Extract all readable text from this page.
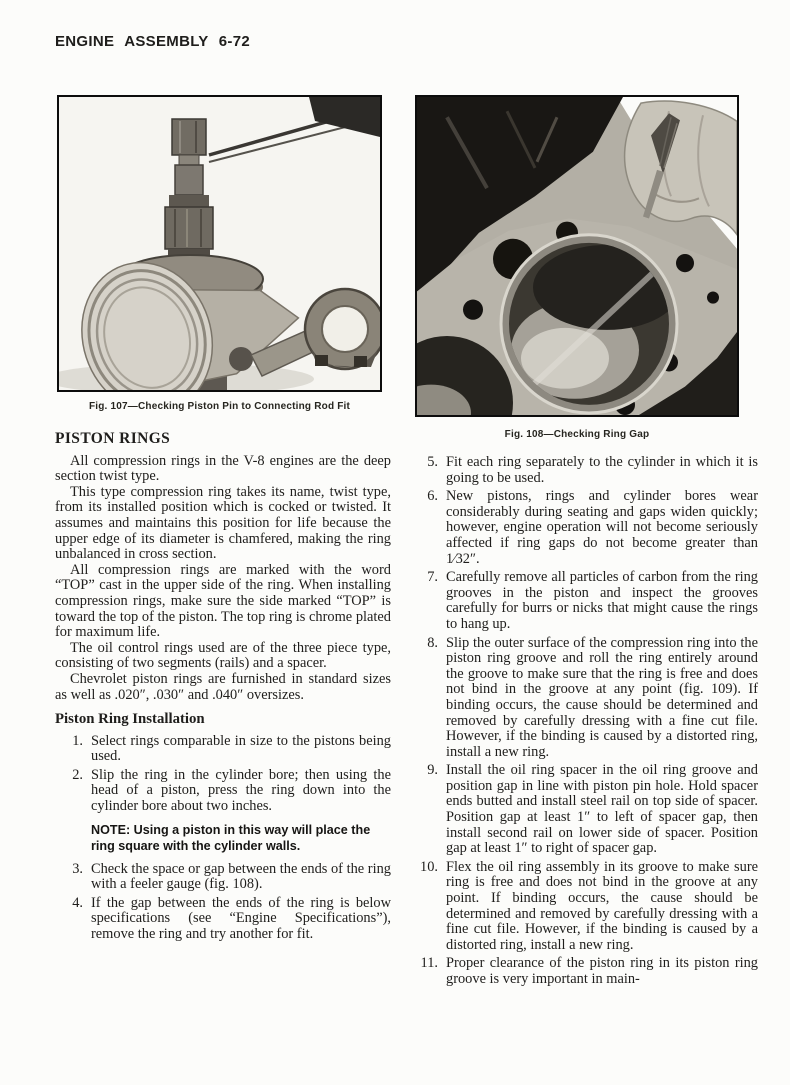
ENGINE ASSEMBLY 6-72
Fig. 107—Checking Piston Pin to Connecting Rod Fit
Fig. 108—Checking Ring Gap
PISTON RINGS

All compression rings in the V-8 engines are the deep section twist type.

This type compression ring takes its name, twist type, from its installed position which is cocked or twisted. It assumes and maintains this position for life because the upper edge of its diameter is chamfered, making the ring unbalanced in cross section.

All compression rings are marked with the word “TOP” cast in the upper side of the ring. When installing compression rings, make sure the side marked “TOP” is toward the top of the piston. The top ring is chrome plated for maximum life.

The oil control rings used are of the three piece type, consisting of two segments (rails) and a spacer.

Chevrolet piston rings are furnished in standard sizes as well as .020″, .030″ and .040″ oversizes.

Piston Ring Installation
1. Select rings comparable in size to the pistons being used.
2. Slip the ring in the cylinder bore; then using the head of a piston, press the ring down into the cylinder bore about two inches.
NOTE: Using a piston in this way will place the ring square with the cylinder walls.
3. Check the space or gap between the ends of the ring with a feeler gauge (fig. 108).
4. If the gap between the ends of the ring is below specifications (see “Engine Specifications”), remove the ring and try another for fit.
5. Fit each ring separately to the cylinder in which it is going to be used.
6. New pistons, rings and cylinder bores wear considerably during seating and gaps widen quickly; however, engine operation will not become seriously affected if ring gaps do not become greater than 1⁄32″.
7. Carefully remove all particles of carbon from the ring grooves in the piston and inspect the grooves carefully for burrs or nicks that might cause the rings to hang up.
8. Slip the outer surface of the compression ring into the piston ring groove and roll the ring entirely around the groove to make sure that the ring is free and does not bind in the groove at any point (fig. 109). If binding occurs, the cause should be determined and removed by carefully dressing with a fine cut file. However, if the binding is caused by a distorted ring, install a new ring.
9. Install the oil ring spacer in the oil ring groove and position gap in line with piston pin hole. Hold spacer ends butted and install steel rail on top side of spacer. Position gap at least 1″ to left of spacer gap, then install second rail on lower side of spacer. Position gap at least 1″ to right of spacer gap.
10. Flex the oil ring assembly in its groove to make sure ring is free and does not bind in the groove at any point. If binding occurs, the cause should be determined and removed by carefully dressing with a fine cut file. However, if the binding is caused by a distorted ring, install a new ring.
11. Proper clearance of the piston ring in its piston ring groove is very important in main-
